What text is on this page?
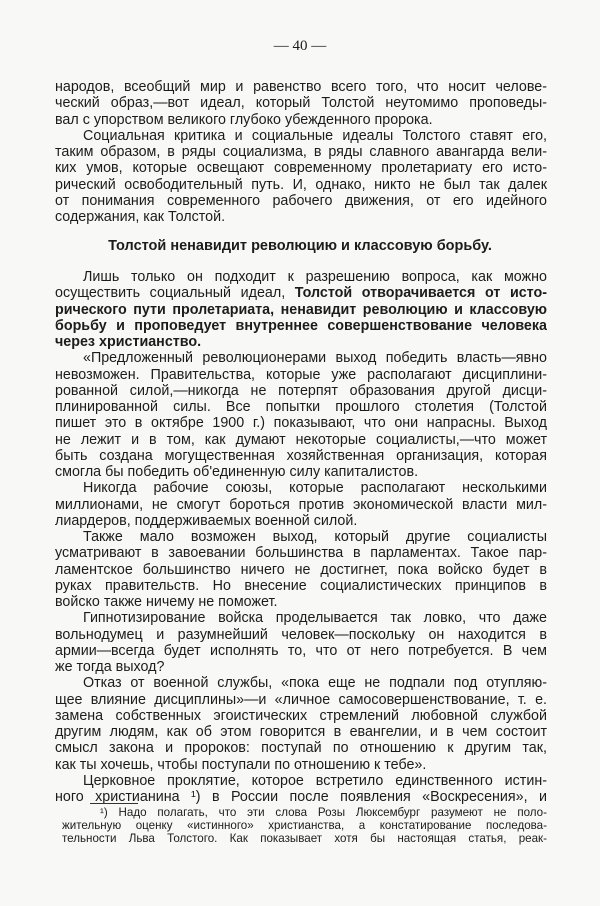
— 40 —
Толстой ненавидит революцию и классовую борьбу.
народов, всеобщий мир и равенство всего того, что носит челове-
ческий образ,—вот идеал, который Толстой неутомимо проповеды-
вал с упорством великого глубоко убежденного пророка.
Социальная критика и социальные идеалы Толстого ставят его,
таким образом, в ряды социализма, в ряды славного авангарда вели-
ких умов, которые освещают современному пролетариату его исто-
рический освободительный путь. И, однако, никто не был так далек
от понимания современного рабочего движения, от его идейного
содержания, как Толстой.
Лишь только он подходит к разрешению вопроса, как можно
осуществить социальный идеал, Толстой отворачивается от исто-
рического пути пролетариата, ненавидит революцию и классовую
борьбу и проповедует внутреннее совершенствование человека
через христианство.
«Предложенный революционерами выход победить власть—явно
невозможен. Правительства, которые уже располагают дисциплини-
рованной силой,—никогда не потерпят образования другой дисци-
плинированной силы. Все попытки прошлого столетия (Толстой
пишет это в октябре 1900 г.) показывают, что они напрасны. Выход
не лежит и в том, как думают некоторые социалисты,—что может
быть создана могущественная хозяйственная организация, которая
смогла бы победить об'единенную силу капиталистов.
Никогда рабочие союзы, которые располагают несколькими
миллионами, не смогут бороться против экономической власти мил-
лиардеров, поддерживаемых военной силой.
Также мало возможен выход, который другие социалисты
усматривают в завоевании большинства в парламентах. Такое пар-
ламентское большинство ничего не достигнет, пока войско будет в
руках правительств. Но внесение социалистических принципов в
войско также ничему не поможет.
Гипнотизирование войска проделывается так ловко, что даже
вольнодумец и разумнейший человек—поскольку он находится в
армии—всегда будет исполнять то, что от него потребуется. В чем
же тогда выход?
Отказ от военной службы, «пока еще не подпали под отупляю-
щее влияние дисциплины»—и «личное самосовершенствование, т. е.
замена собственных эгоистических стремлений любовной службой
другим людям, как об этом говорится в евангелии, и в чем состоит
смысл закона и пророков: поступай по отношению к другим так,
как ты хочешь, чтобы поступали по отношению к тебе».
Церковное проклятие, которое встретило единственного истин-
ного христианина ¹) в России после появления «Воскресения», и
¹) Надо полагать, что эти слова Розы Люксембург разумеют не поло-
жительную оценку «истинного» христианства, а констатирование последова-
тельности Льва Толстого. Как показывает хотя бы настоящая статья, реак-
